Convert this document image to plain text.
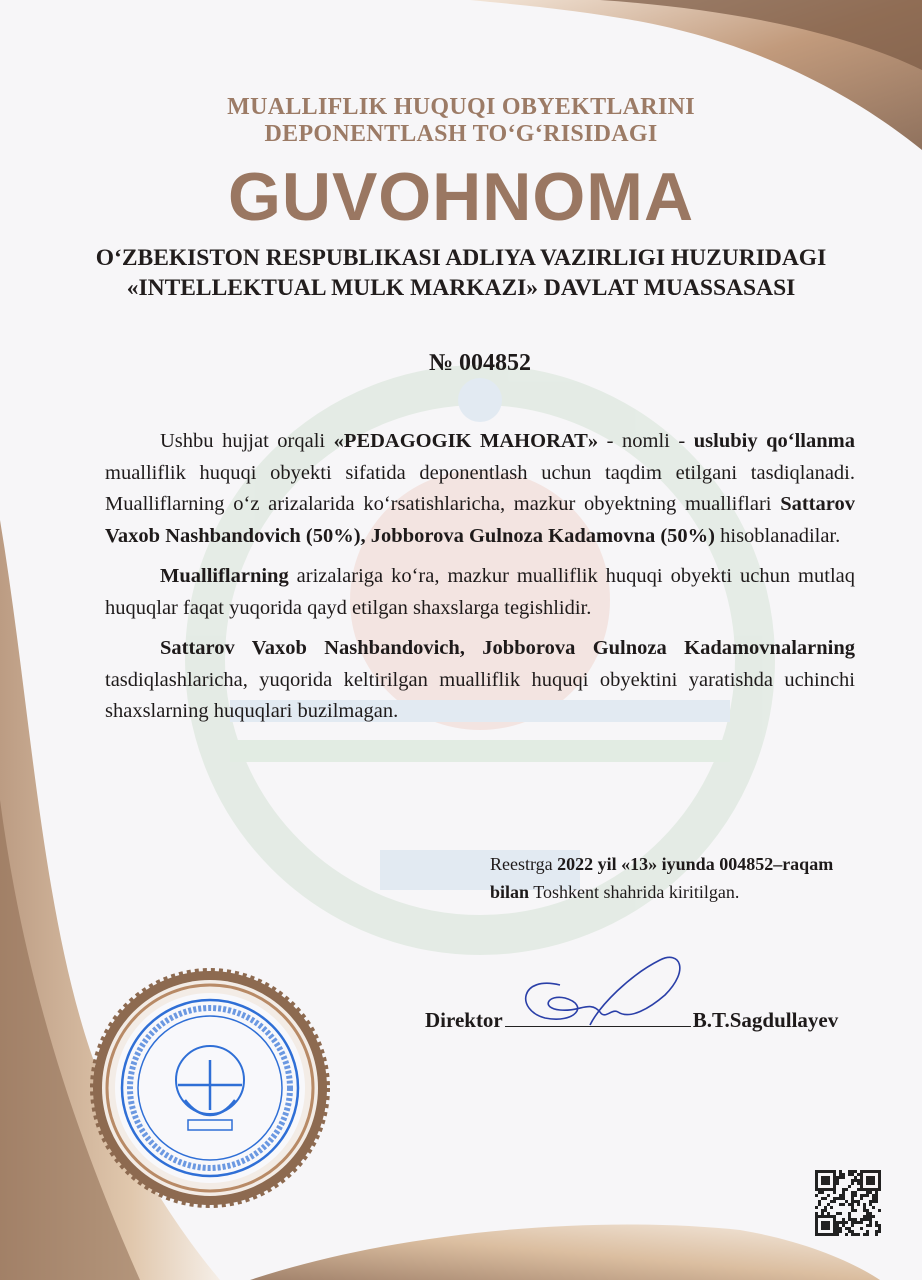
MUALLIFLIK HUQUQI OBYEKTLARINI
DEPONENTLASH TO‘G‘RISIDAGI
GUVOHNOMA
O‘ZBEKISTON RESPUBLIKASI ADLIYA VAZIRLIGI HUZURIDAGI
«INTELLEKTUAL MULK MARKAZI» DAVLAT MUASSASASI
№ 004852

Ushbu hujjat orqali «PEDAGOGIK MAHORAT» - nomli - uslubiy qo‘llanma mualliflik huquqi obyekti sifatida deponentlash uchun taqdim etilgani tasdiqlanadi. Mualliflarning o‘z arizalarida ko‘rsatishlaricha, mazkur obyektning mualliflari Sattarov Vaxob Nashbandovich (50%), Jobborova Gulnoza Kadamovna (50%) hisoblanadilar.

Mualliflarning arizalariga ko‘ra, mazkur mualliflik huquqi obyekti uchun mutlaq huquqlar faqat yuqorida qayd etilgan shaxslarga tegishlidir.

Sattarov Vaxob Nashbandovich, Jobborova Gulnoza Kadamovnalarning tasdiqlashlaricha, yuqorida keltirilgan mualliflik huquqi obyektini yaratishda uchinchi shaxslarning huquqlari buzilmagan.

Reestrga 2022 yil «13» iyunda 004852–raqam bilan Toshkent shahrida kiritilgan.
Direktor	B.T.Sagdullayev
